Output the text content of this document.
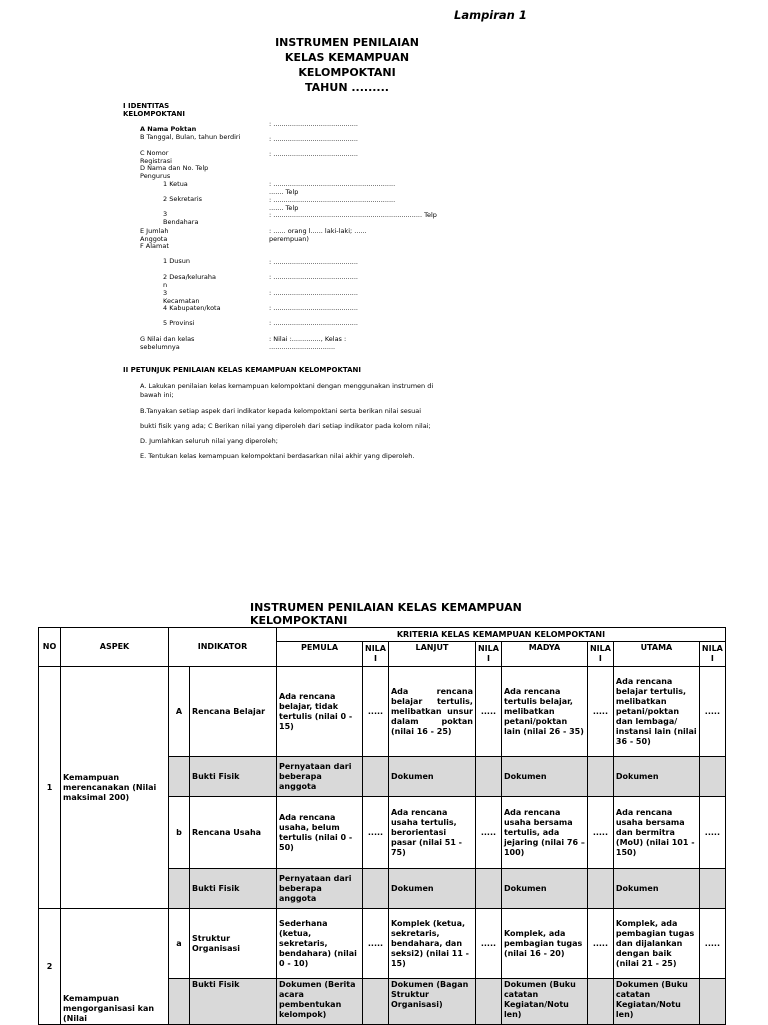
Lampiran 1
INSTRUMEN PENILAIAN
KELAS KEMAMPUAN
KELOMPOKTANI
TAHUN .........
I IDENTITAS KELOMPOKTANI
A Nama Poktan
: .........................................
B Tanggal, Bulan, tahun berdiri	: .........................................
C Nomor Registrasi
: .........................................
D Nama dan No. Telp Pengurus
1 Ketua	: ...........................................................
....... Telp
2 Sekretaris	: ...........................................................
....... Telp
3 Bendahara
: ........................................................................ Telp
E Jumlah Anggota
: ...... orang l...... laki-laki; ......
perempuan)
F Alamat
1 Dusun	: .........................................
2 Desa/keluraha n
: .........................................
3 Kecamatan
: .........................................
4 Kabupaten/kota	: .........................................
5 Provinsi	: .........................................
G Nilai dan kelas sebelumnya
: Nilai :.............., Kelas :
................................
II PETUNJUK PENILAIAN KELAS KEMAMPUAN KELOMPOKTANI
A. Lakukan penilaian kelas kemampuan kelompoktani dengan menggunakan instrumen di
bawah ini;
B.Tanyakan setiap aspek dari indikator kepada kelompoktani serta berikan nilai sesuai
bukti fisik yang ada; C Berikan nilai yang diperoleh dari setiap indikator pada kolom nilai;
D. Jumlahkan seluruh nilai yang diperoleh;
E. Tentukan kelas kemampuan kelompoktani berdasarkan nilai akhir yang diperoleh.
INSTRUMEN PENILAIAN KELAS KEMAMPUAN
KELOMPOKTANI
NO	ASPEK	INDIKATOR		KRITERIA KELAS KEMAMPUAN KELOMPOKTANI							
				PEMULA	NILA I	LANJUT	NILA I	MADYA	NILA I	UTAMA	NILA I
1	Kemampuan merencanakan (Nilai maksimal 200)	A	Rencana Belajar	Ada rencana belajar, tidak tertulis (nilai 0 - 15)	.....	Ada rencana belajar tertulis, melibatkan unsur dalam poktan (nilai 16 - 25)	.....	Ada rencana tertulis belajar, melibatkan petani/poktan lain (nilai 26 - 35)	.....	Ada rencana belajar tertulis, melibatkan petani/poktan dan lembaga/ instansi lain (nilai 36 - 50)	.....
			Bukti Fisik	Pernyataan dari beberapa anggota		Dokumen		Dokumen		Dokumen	
		b	Rencana Usaha	Ada rencana usaha, belum tertulis (nilai 0 - 50)	.....	Ada rencana usaha tertulis, berorientasi pasar (nilai 51 - 75)	.....	Ada rencana usaha bersama tertulis, ada jejaring (nilai 76 – 100)	.....	Ada rencana usaha bersama dan bermitra (MoU) (nilai 101 - 150)	.....
			Bukti Fisik	Pernyataan dari beberapa anggota		Dokumen		Dokumen		Dokumen	
2	Kemampuan mengorganisasi kan (Nilai	a	Struktur Organisasi	Sederhana (ketua, sekretaris, bendahara) (nilai 0 - 10)	.....	Komplek (ketua, sekretaris, bendahara, dan seksi2) (nilai 11 - 15)	.....	Komplek, ada pembagian tugas (nilai 16 - 20)	.....	Komplek, ada pembagian tugas dan dijalankan dengan baik (nilai 21 - 25)	.....
			Bukti Fisik	Dokumen (Berita acara pembentukan kelompok)		Dokumen (Bagan Struktur Organisasi)		Dokumen (Buku catatan Kegiatan/Notu len)		Dokumen (Buku catatan Kegiatan/Notu len)	
